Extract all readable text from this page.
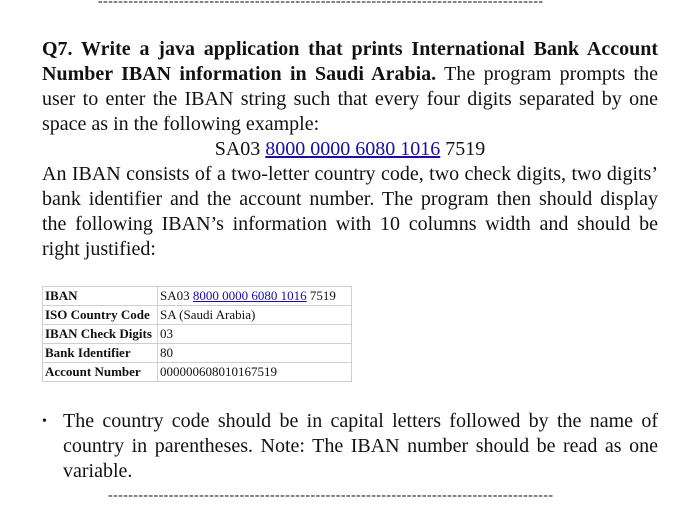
----------------------------------------------------------------------------------------

Q7. Write a java application that prints International Bank Account Number IBAN information in Saudi Arabia. The program prompts the user to enter the IBAN string such that every four digits separated by one space as in the following example:

SA03 8000 0000 6080 1016 7519

An IBAN consists of a two-letter country code, two check digits, two digits’ bank identifier and the account number. The program then should display the following IBAN’s information with 10 columns width and should be right justified:

IBAN	SA03 8000 0000 6080 1016 7519
ISO Country Code	SA (Saudi Arabia)
IBAN Check Digits	03
Bank Identifier	80
Account Number	000000608010167519
• The country code should be in capital letters followed by the name of country in parentheses. Note: The IBAN number should be read as one variable.
----------------------------------------------------------------------------------------
